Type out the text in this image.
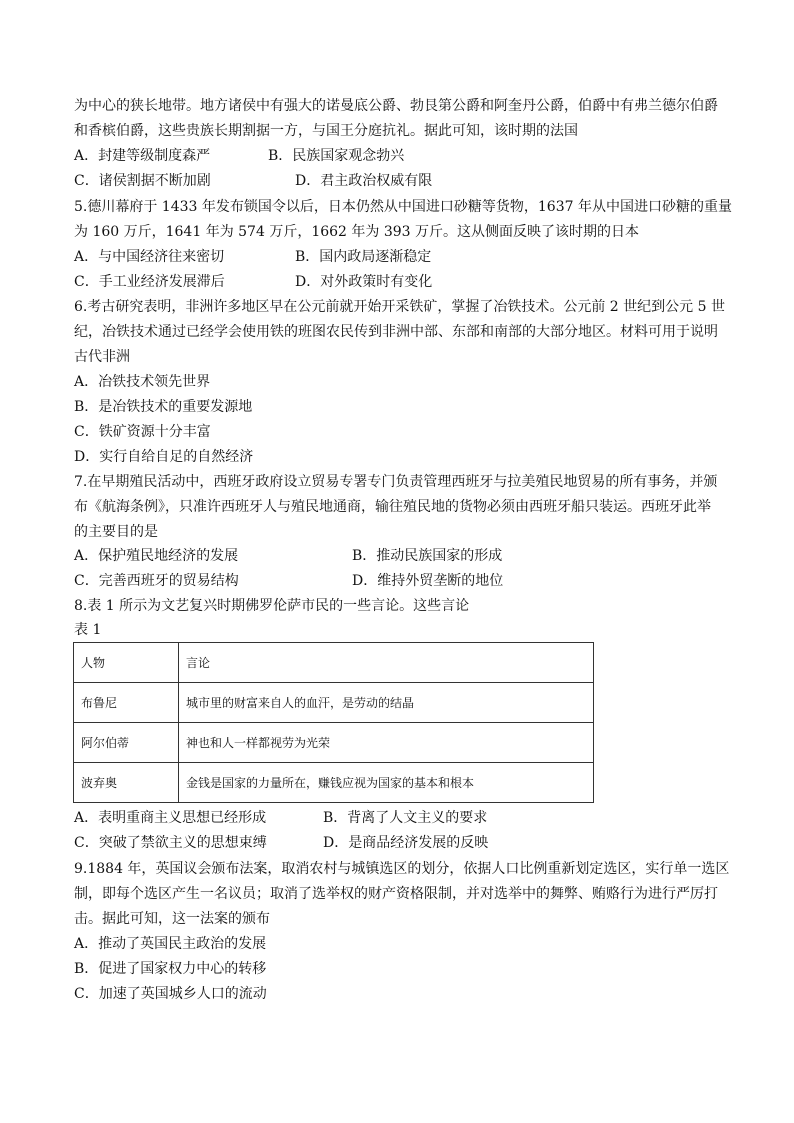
为中心的狭长地带。地方诸侯中有强大的诺曼底公爵、勃艮第公爵和阿奎丹公爵，伯爵中有弗兰德尔伯爵
和香槟伯爵，这些贵族长期割据一方，与国王分庭抗礼。据此可知，该时期的法国
A．封建等级制度森严	B．民族国家观念勃兴
C．诸侯割据不断加剧	D．君主政治权威有限
5.德川幕府于 1433 年发布锁国令以后，日本仍然从中国进口砂糖等货物，1637 年从中国进口砂糖的重量
为 160 万斤，1641 年为 574 万斤，1662 年为 393 万斤。这从侧面反映了该时期的日本
A．与中国经济往来密切	B．国内政局逐渐稳定
C．手工业经济发展滞后	D．对外政策时有变化
6.考古研究表明，非洲许多地区早在公元前就开始开采铁矿，掌握了冶铁技术。公元前 2 世纪到公元 5 世
纪，冶铁技术通过已经学会使用铁的班图农民传到非洲中部、东部和南部的大部分地区。材料可用于说明
古代非洲
A．冶铁技术领先世界
B．是冶铁技术的重要发源地
C．铁矿资源十分丰富
D．实行自给自足的自然经济
7.在早期殖民活动中，西班牙政府设立贸易专署专门负责管理西班牙与拉美殖民地贸易的所有事务，并颁
布《航海条例》，只准许西班牙人与殖民地通商，输往殖民地的货物必须由西班牙船只装运。西班牙此举
的主要目的是
A．保护殖民地经济的发展	B．推动民族国家的形成
C．完善西班牙的贸易结构	D．维持外贸垄断的地位
8.表 1 所示为文艺复兴时期佛罗伦萨市民的一些言论。这些言论
表 1
人物	言论
布鲁尼	城市里的财富来自人的血汗，是劳动的结晶
阿尔伯蒂	神也和人一样都视劳为光荣
波弃奥	金钱是国家的力量所在，赚钱应视为国家的基本和根本
A．表明重商主义思想已经形成	B．背离了人文主义的要求
C．突破了禁欲主义的思想束缚	D．是商品经济发展的反映
9.1884 年，英国议会颁布法案，取消农村与城镇选区的划分，依据人口比例重新划定选区，实行单一选区
制，即每个选区产生一名议员；取消了选举权的财产资格限制，并对选举中的舞弊、贿赂行为进行严厉打
击。据此可知，这一法案的颁布
A．推动了英国民主政治的发展
B．促进了国家权力中心的转移
C．加速了英国城乡人口的流动
